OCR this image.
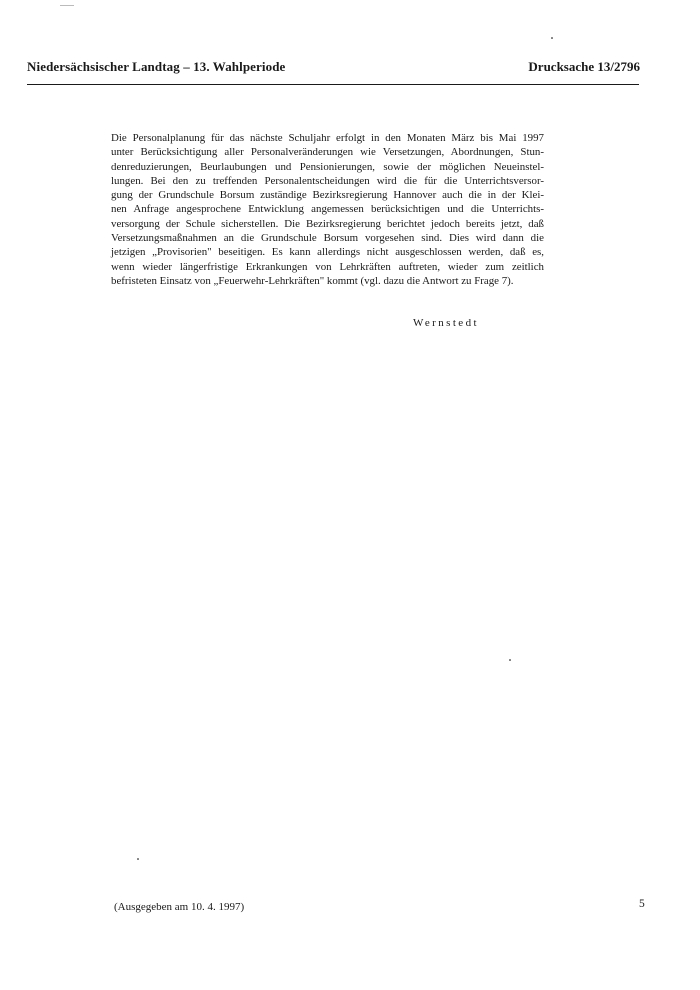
Niedersächsischer Landtag – 13. Wahlperiode	Drucksache 13/2796
Die Personalplanung für das nächste Schuljahr erfolgt in den Monaten März bis Mai 1997
unter Berücksichtigung aller Personalveränderungen wie Versetzungen, Abordnungen, Stun-
denreduzierungen, Beurlaubungen und Pensionierungen, sowie der möglichen Neueinstel-
lungen. Bei den zu treffenden Personalentscheidungen wird die für die Unterrichtsversor-
gung der Grundschule Borsum zuständige Bezirksregierung Hannover auch die in der Klei-
nen Anfrage angesprochene Entwicklung angemessen berücksichtigen und die Unterrichts-
versorgung der Schule sicherstellen. Die Bezirksregierung berichtet jedoch bereits jetzt, daß
Versetzungsmaßnahmen an die Grundschule Borsum vorgesehen sind. Dies wird dann die
jetzigen „Provisorien" beseitigen. Es kann allerdings nicht ausgeschlossen werden, daß es,
wenn wieder längerfristige Erkrankungen von Lehrkräften auftreten, wieder zum zeitlich
befristeten Einsatz von „Feuerwehr-Lehrkräften" kommt (vgl. dazu die Antwort zu Frage 7).
Wernstedt
(Ausgegeben am 10. 4. 1997)	5
